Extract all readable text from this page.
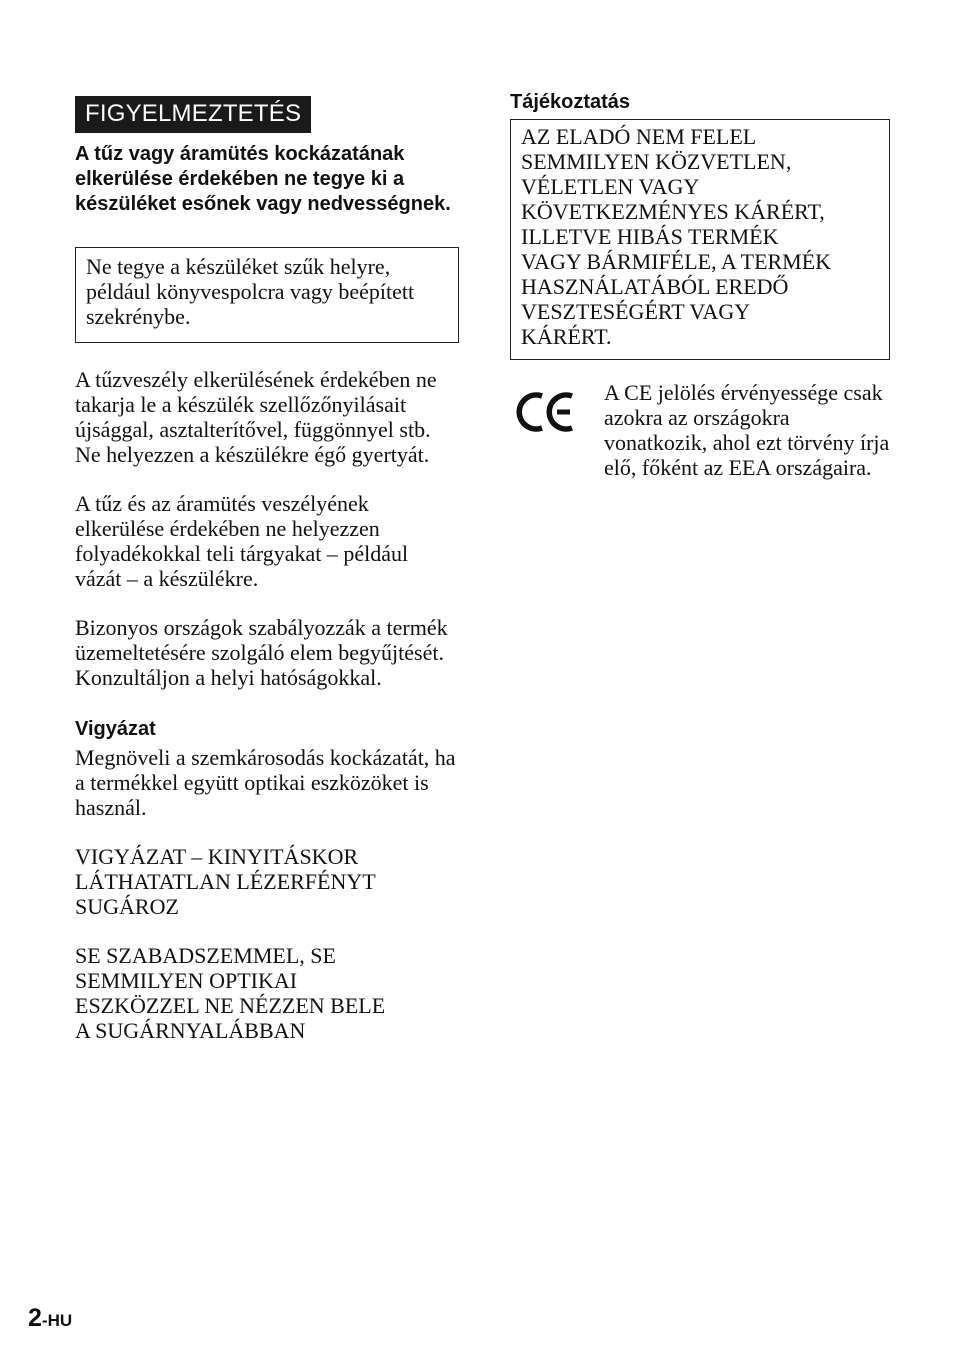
FIGYELMEZTETÉS

A tűz vagy áramütés kockázatának elkerülése érdekében ne tegye ki a készüléket esőnek vagy nedvességnek.

Ne tegye a készüléket szűk helyre, például könyvespolcra vagy beépített szekrénybe.

A tűzveszély elkerülésének érdekében ne takarja le a készülék szellőzőnyilásait újsággal, asztalterítővel, függönnyel stb. Ne helyezzen a készülékre égő gyertyát.

A tűz és az áramütés veszélyének elkerülése érdekében ne helyezzen folyadékokkal teli tárgyakat – például vázát – a készülékre.

Bizonyos országok szabályozzák a termék üzemeltetésére szolgáló elem begyűjtését.

Konzultáljon a helyi hatóságokkal.

Vigyázat

Megnöveli a szemkárosodás kockázatát, ha a termékkel együtt optikai eszközöket is használ.

VIGYÁZAT – KINYITÁSKOR
LÁTHATATLAN LÉZERFÉNYT
SUGÁROZ

SE SZABADSZEMMEL, SE
SEMMILYEN OPTIKAI
ESZKÖZZEL NE NÉZZEN BELE
A SUGÁRNYALÁBBAN

Tájékoztatás

AZ ELADÓ NEM FELEL
SEMMILYEN KÖZVETLEN,
VÉLETLEN VAGY
KÖVETKEZMÉNYES KÁRÉRT,
ILLETVE HIBÁS TERMÉK
VAGY BÁRMIFÉLE, A TERMÉK
HASZNÁLATÁBÓL EREDŐ
VESZTESÉGÉRT VAGY
KÁRÉRT.

A CE jelölés érvényessége csak azokra az országokra vonatkozik, ahol ezt törvény írja elő, főként az EEA országaira.

2-HU
